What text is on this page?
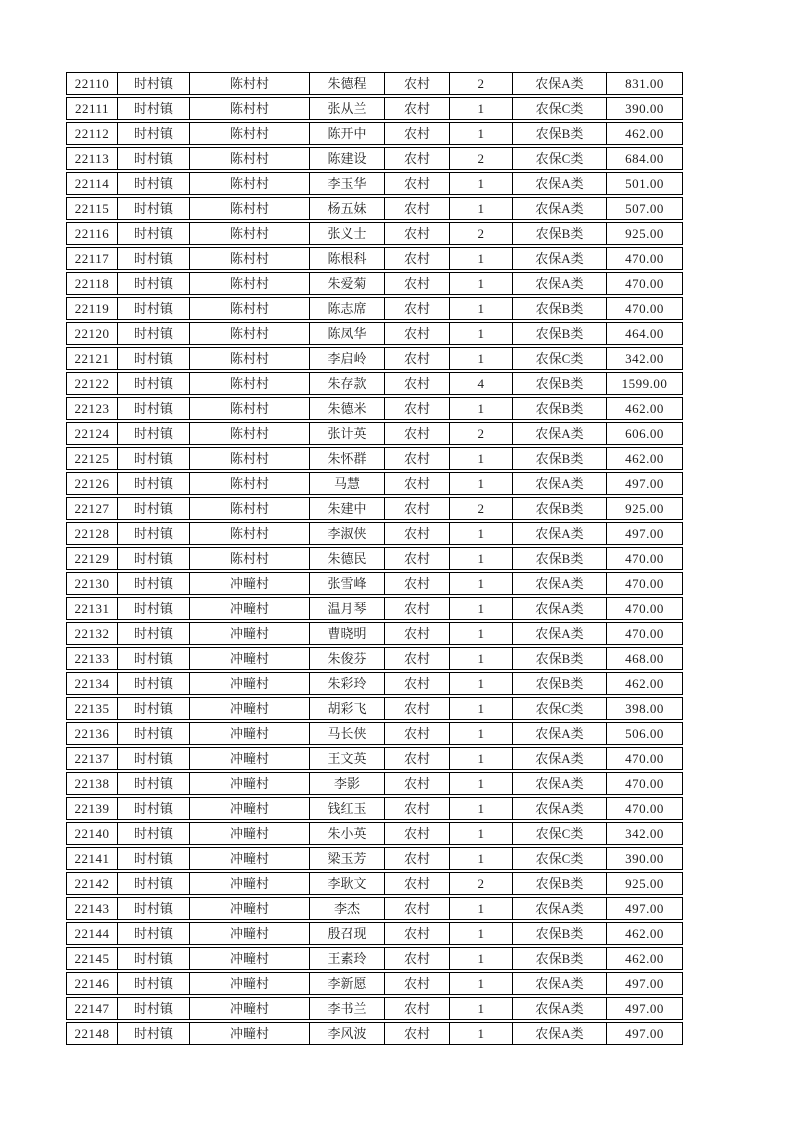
22110	时村镇	陈村村	朱德程	农村	2	农保A类	831.00
22111	时村镇	陈村村	张从兰	农村	1	农保C类	390.00
22112	时村镇	陈村村	陈开中	农村	1	农保B类	462.00
22113	时村镇	陈村村	陈建设	农村	2	农保C类	684.00
22114	时村镇	陈村村	李玉华	农村	1	农保A类	501.00
22115	时村镇	陈村村	杨五妹	农村	1	农保A类	507.00
22116	时村镇	陈村村	张义士	农村	2	农保B类	925.00
22117	时村镇	陈村村	陈根科	农村	1	农保A类	470.00
22118	时村镇	陈村村	朱爱菊	农村	1	农保A类	470.00
22119	时村镇	陈村村	陈志席	农村	1	农保B类	470.00
22120	时村镇	陈村村	陈凤华	农村	1	农保B类	464.00
22121	时村镇	陈村村	李启岭	农村	1	农保C类	342.00
22122	时村镇	陈村村	朱存款	农村	4	农保B类	1599.00
22123	时村镇	陈村村	朱德米	农村	1	农保B类	462.00
22124	时村镇	陈村村	张计英	农村	2	农保A类	606.00
22125	时村镇	陈村村	朱怀群	农村	1	农保B类	462.00
22126	时村镇	陈村村	马慧	农村	1	农保A类	497.00
22127	时村镇	陈村村	朱建中	农村	2	农保B类	925.00
22128	时村镇	陈村村	李淑侠	农村	1	农保A类	497.00
22129	时村镇	陈村村	朱德民	农村	1	农保B类	470.00
22130	时村镇	冲疃村	张雪峰	农村	1	农保A类	470.00
22131	时村镇	冲疃村	温月琴	农村	1	农保A类	470.00
22132	时村镇	冲疃村	曹晓明	农村	1	农保A类	470.00
22133	时村镇	冲疃村	朱俊芬	农村	1	农保B类	468.00
22134	时村镇	冲疃村	朱彩玲	农村	1	农保B类	462.00
22135	时村镇	冲疃村	胡彩飞	农村	1	农保C类	398.00
22136	时村镇	冲疃村	马长侠	农村	1	农保A类	506.00
22137	时村镇	冲疃村	王文英	农村	1	农保A类	470.00
22138	时村镇	冲疃村	李影	农村	1	农保A类	470.00
22139	时村镇	冲疃村	钱红玉	农村	1	农保A类	470.00
22140	时村镇	冲疃村	朱小英	农村	1	农保C类	342.00
22141	时村镇	冲疃村	梁玉芳	农村	1	农保C类	390.00
22142	时村镇	冲疃村	李耿文	农村	2	农保B类	925.00
22143	时村镇	冲疃村	李杰	农村	1	农保A类	497.00
22144	时村镇	冲疃村	殷召现	农村	1	农保B类	462.00
22145	时村镇	冲疃村	王素玲	农村	1	农保B类	462.00
22146	时村镇	冲疃村	李新愿	农村	1	农保A类	497.00
22147	时村镇	冲疃村	李书兰	农村	1	农保A类	497.00
22148	时村镇	冲疃村	李风波	农村	1	农保A类	497.00
